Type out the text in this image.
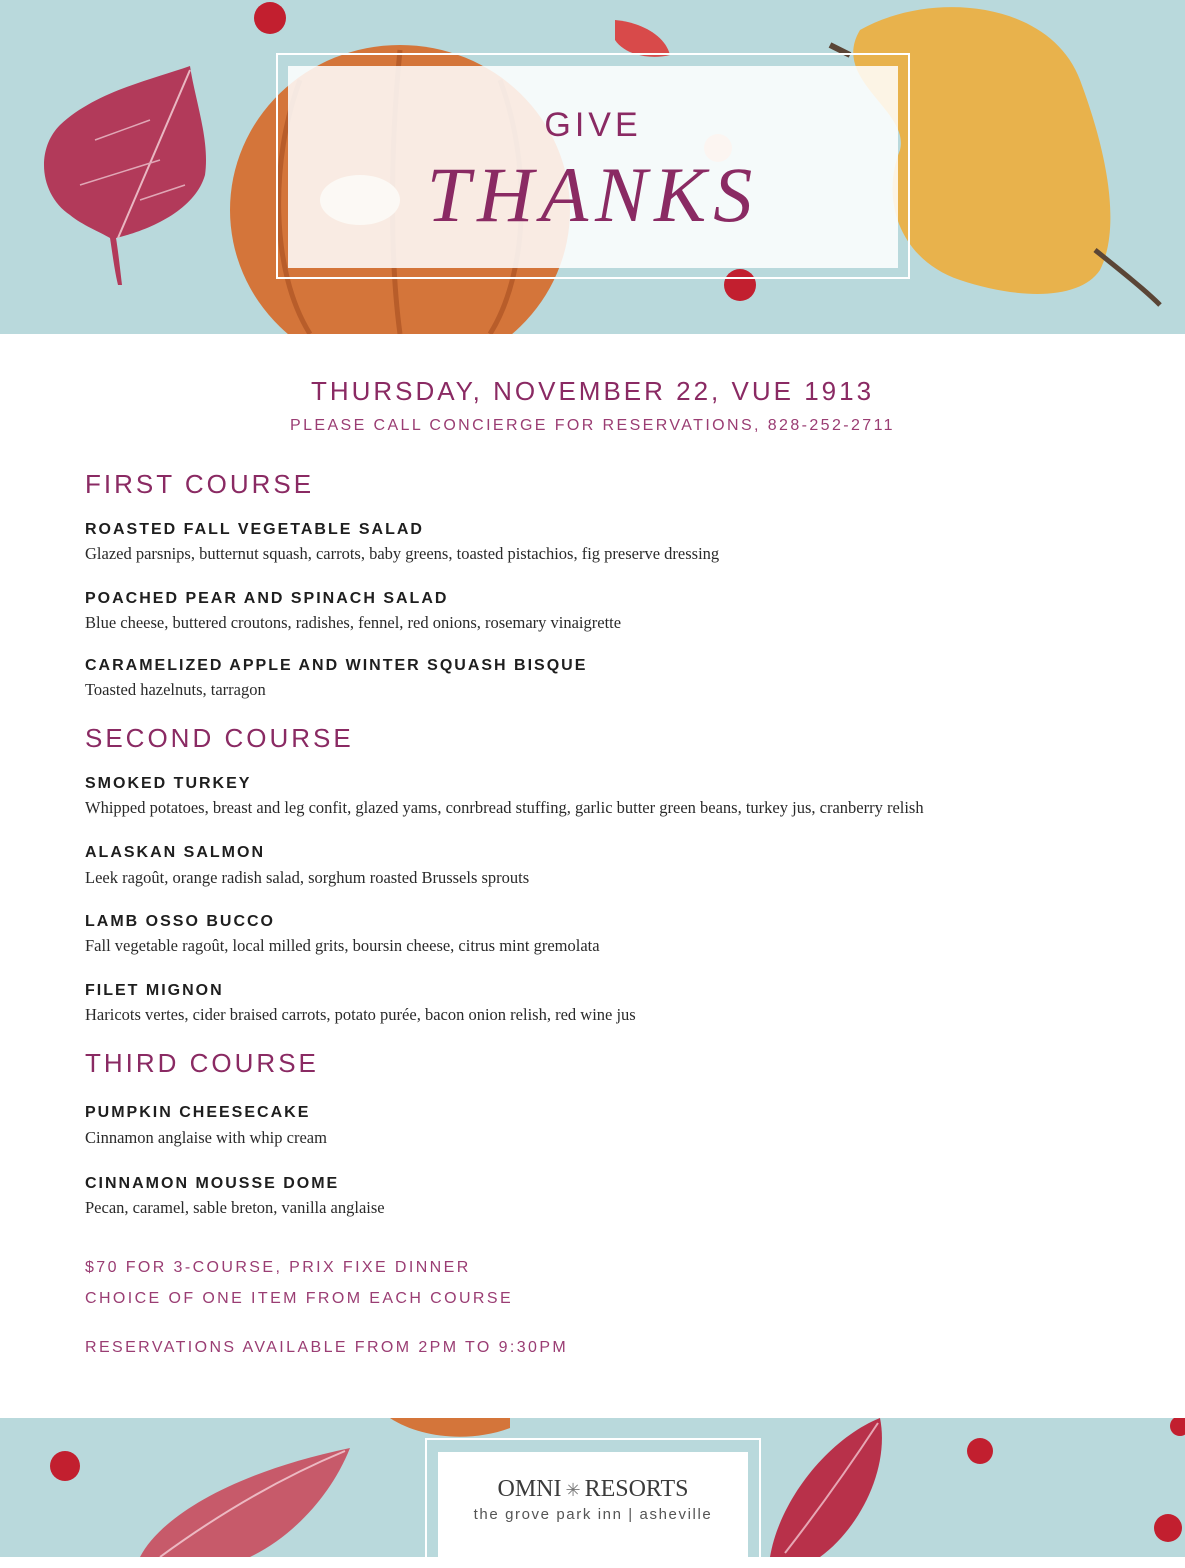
GIVE

THANKS

THURSDAY, NOVEMBER 22, VUE 1913

PLEASE CALL CONCIERGE FOR RESERVATIONS, 828-252-2711

FIRST COURSE

ROASTED FALL VEGETABLE SALAD

Glazed parsnips, butternut squash, carrots, baby greens, toasted pistachios, fig preserve dressing

POACHED PEAR AND SPINACH SALAD

Blue cheese, buttered croutons, radishes, fennel, red onions, rosemary vinaigrette

CARAMELIZED APPLE AND WINTER SQUASH BISQUE

Toasted hazelnuts, tarragon

SECOND COURSE

SMOKED TURKEY

Whipped potatoes, breast and leg confit, glazed yams, conrbread stuffing, garlic butter green beans, turkey jus, cranberry relish

ALASKAN SALMON

Leek ragoût, orange radish salad, sorghum roasted Brussels sprouts

LAMB OSSO BUCCO

Fall vegetable ragoût, local milled grits, boursin cheese, citrus mint gremolata

FILET MIGNON

Haricots vertes, cider braised carrots, potato purée, bacon onion relish, red wine jus

THIRD COURSE

PUMPKIN CHEESECAKE

Cinnamon anglaise with whip cream

CINNAMON MOUSSE DOME

Pecan, caramel, sable breton, vanilla anglaise

$70 FOR 3-COURSE, PRIX FIXE DINNER

CHOICE OF ONE ITEM FROM EACH COURSE

RESERVATIONS AVAILABLE FROM 2PM TO 9:30PM

OMNI ✳ RESORTS

the grove park inn | asheville
